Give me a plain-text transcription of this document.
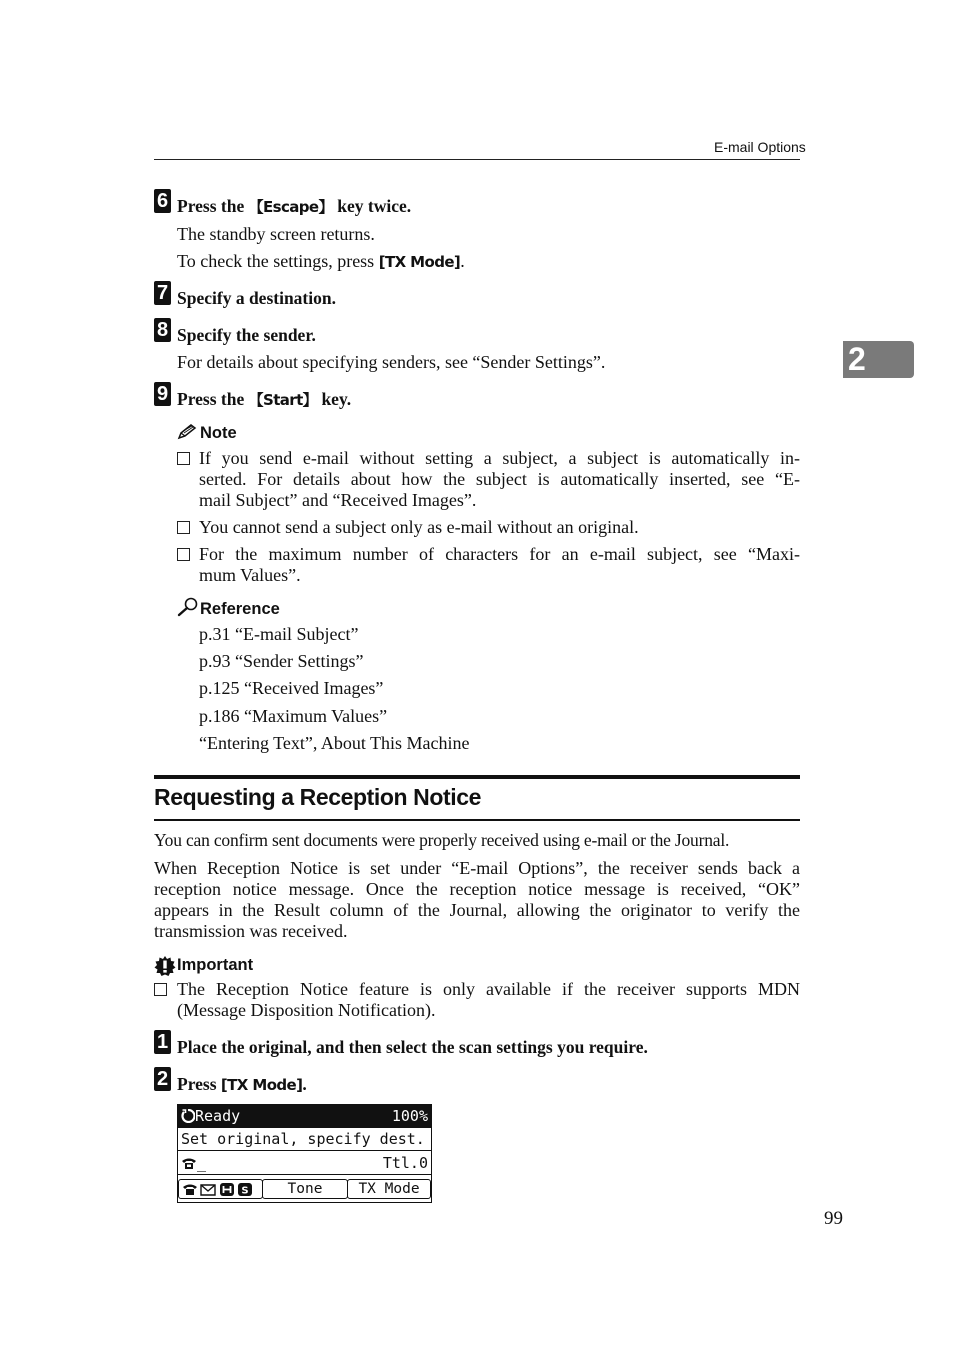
E-mail Options
2
6 Press the 【Escape】 key twice.
The standby screen returns.
To check the settings, press [TX Mode].
7 Specify a destination.
8 Specify the sender.
For details about specifying senders, see “Sender Settings”.
9 Press the 【Start】 key.
Note
If you send e-mail without setting a subject, a subject is automatically in-
serted. For details about how the subject is automatically inserted, see “E-
mail Subject” and “Received Images”.
You cannot send a subject only as e-mail without an original.
For the maximum number of characters for an e-mail subject, see “Maxi-
mum Values”.
Reference
p.31 “E-mail Subject”
p.93 “Sender Settings”
p.125 “Received Images”
p.186 “Maximum Values”
“Entering Text”, About This Machine
Requesting a Reception Notice
You can confirm sent documents were properly received using e-mail or the Journal.
When Reception Notice is set under “E-mail Options”, the receiver sends back a
reception notice message. Once the reception notice message is received, “OK”
appears in the Result column of the Journal, allowing the originator to verify the
transmission was received.
Important
The Reception Notice feature is only available if the receiver supports MDN
(Message Disposition Notification).
1 Place the original, and then select the scan settings you require.
2 Press [TX Mode].
Ready	100%
Set original, specify dest.
_	Ttl.0
S	Tone	TX Mode
99
